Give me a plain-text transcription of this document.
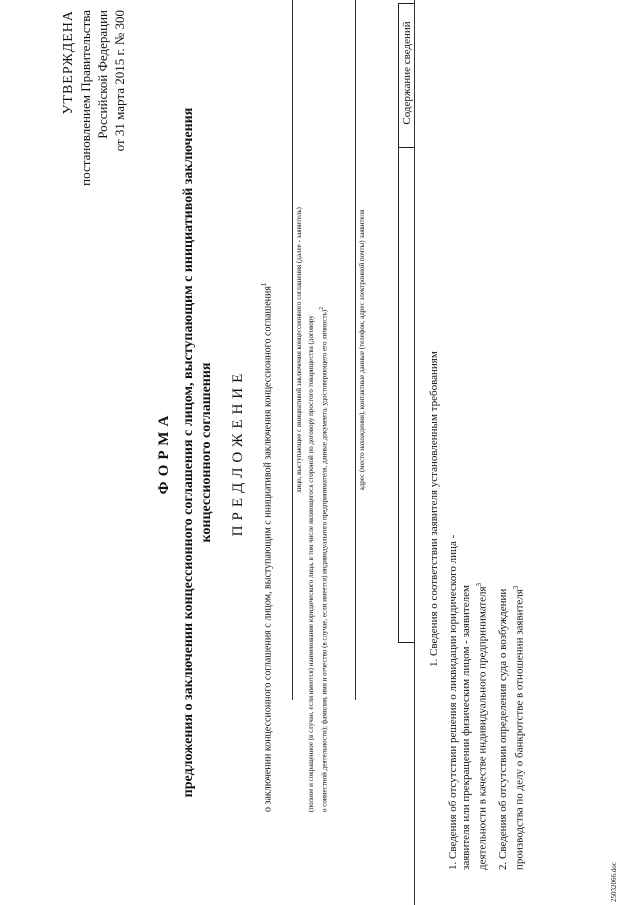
УТВЕРЖДЕНА постановлением Правительства Российской Федерации от 31 марта 2015 г. № 300
ФОРМА предложения о заключении концессионного соглашения с лицом, выступающим с инициативой заключения концессионного соглашения ПРЕДЛОЖЕНИЕ о заключении концессионного соглашения с лицом, выступающим с инициативой заключения концессионного соглашения$^1$	лицо, выступающее с инициативой заключения концессионного соглашения (далее - заявитель) (полное и сокращенное (в случае, если имеется) наименование юридического лица, в том числе являющегося стороной по договору простого товарищества (договору о совместной деятельности); фамилия, имя и отчество (в случае, если имеется) индивидуального предпринимателя, данные документа, удостоверяющего его личность)$^2$	адрес (место нахождения), контактные данные (телефон, адрес электронной почты) заявителя
Содержание сведений
1. Сведения о соответствии заявителя установленным требованиям
1. Сведения об отсутствии решения о ликвидации юридического лица - заявителя или прекращении физическим лицом - заявителем деятельности в качестве индивидуального предпринимателя$^3$
2. Сведения об отсутствии определения суда о возбуждении производства по делу о банкротстве в отношении заявителя$^3$
25032066.doc
